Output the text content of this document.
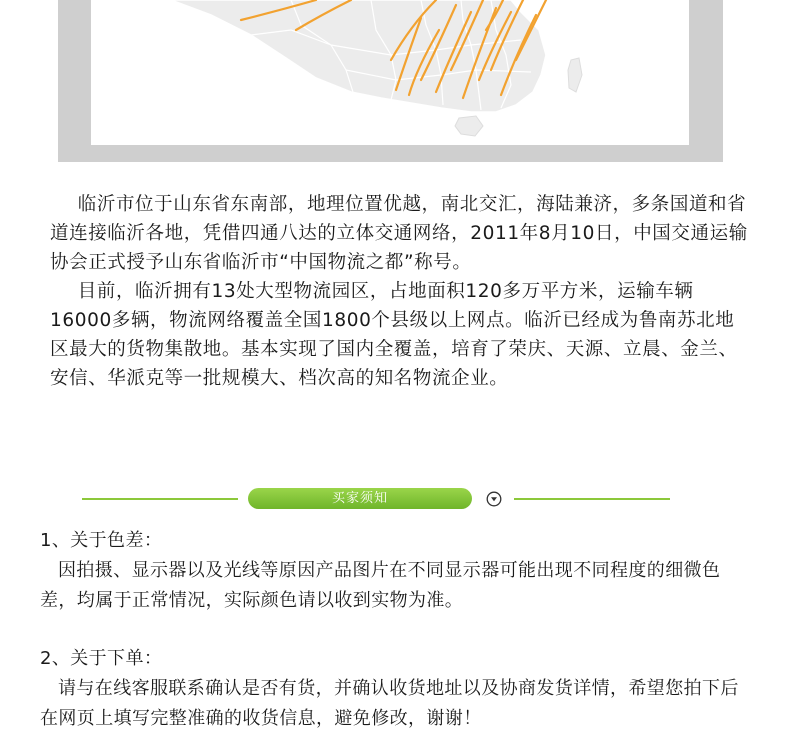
临沂市位于山东省东南部，地理位置优越，南北交汇，海陆兼济，多条国道和省道连接临沂各地，凭借四通八达的立体交通网络，2011年8月10日，中国交通运输协会正式授予山东省临沂市“中国物流之都”称号。

目前，临沂拥有13处大型物流园区，占地面积120多万平方米，运输车辆16000多辆，物流网络覆盖全国1800个县级以上网点。临沂已经成为鲁南苏北地区最大的货物集散地。基本实现了国内全覆盖，培育了荣庆、天源、立晨、金兰、安信、华派克等一批规模大、档次高的知名物流企业。

买家须知
1、关于色差：

因拍摄、显示器以及光线等原因产品图片在不同显示器可能出现不同程度的细微色差，均属于正常情况，实际颜色请以收到实物为准。

2、关于下单：

请与在线客服联系确认是否有货，并确认收货地址以及协商发货详情，希望您拍下后在网页上填写完整准确的收货信息，避免修改，谢谢！
